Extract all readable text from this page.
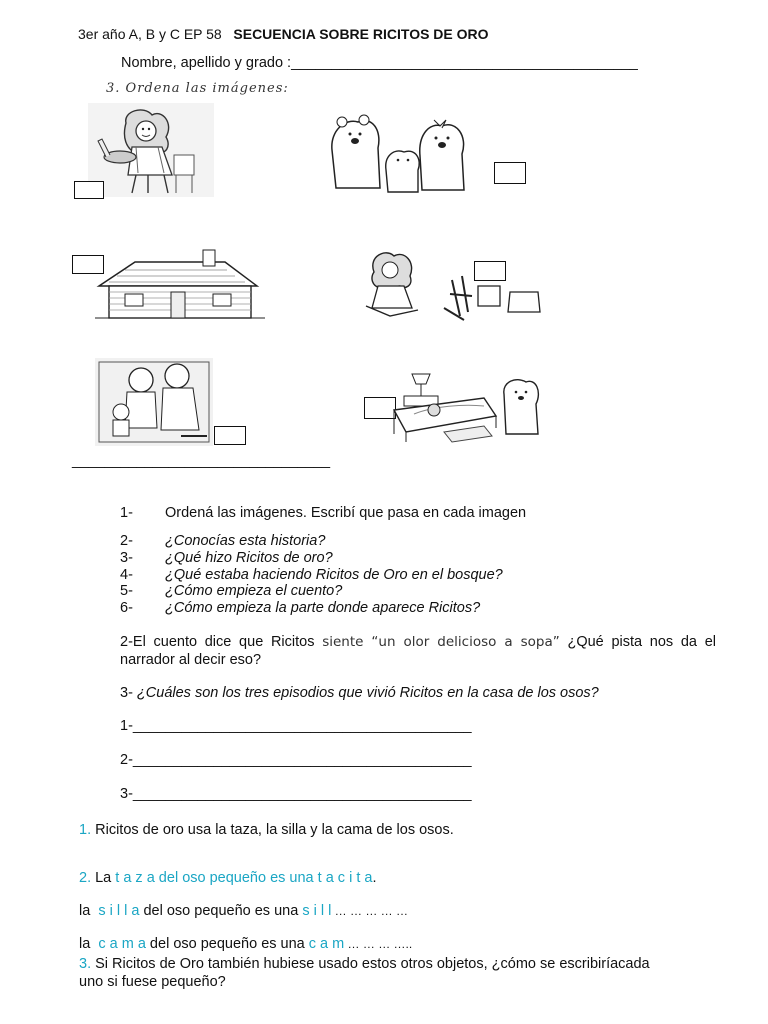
3er año A, B y C EP 58 SECUENCIA SOBRE RICITOS DE ORO
Nombre, apellido y grado :___________________________________________
3. Ordena las imágenes:
________________________________
1- Ordená las imágenes. Escribí que pasa en cada imagen
2- ¿Conocías esta historia?
3- ¿Qué hizo Ricitos de oro?
4- ¿Qué estaba haciendo Ricitos de Oro en el bosque?
5- ¿Cómo empieza el cuento?
6- ¿Cómo empieza la parte donde aparece Ricitos?
2-El cuento dice que Ricitos siente “un olor delicioso a sopa” ¿Qué pista nos da el narrador al decir eso?
3- ¿Cuáles son los tres episodios que vivió Ricitos en la casa de los osos?
1-__________________________________________
2-__________________________________________
3-__________________________________________
1. Ricitos de oro usa la taza, la silla y la cama de los osos.
2. La t a z a del oso pequeño es una t a c i t a.
la  s i l l a del oso pequeño es una s i l l … … … … …
la  c a m a del oso pequeño es una c a m … … … …..
3. Si Ricitos de Oro también hubiese usado estos otros objetos, ¿cómo se escribiríacada
uno si fuese pequeño?
